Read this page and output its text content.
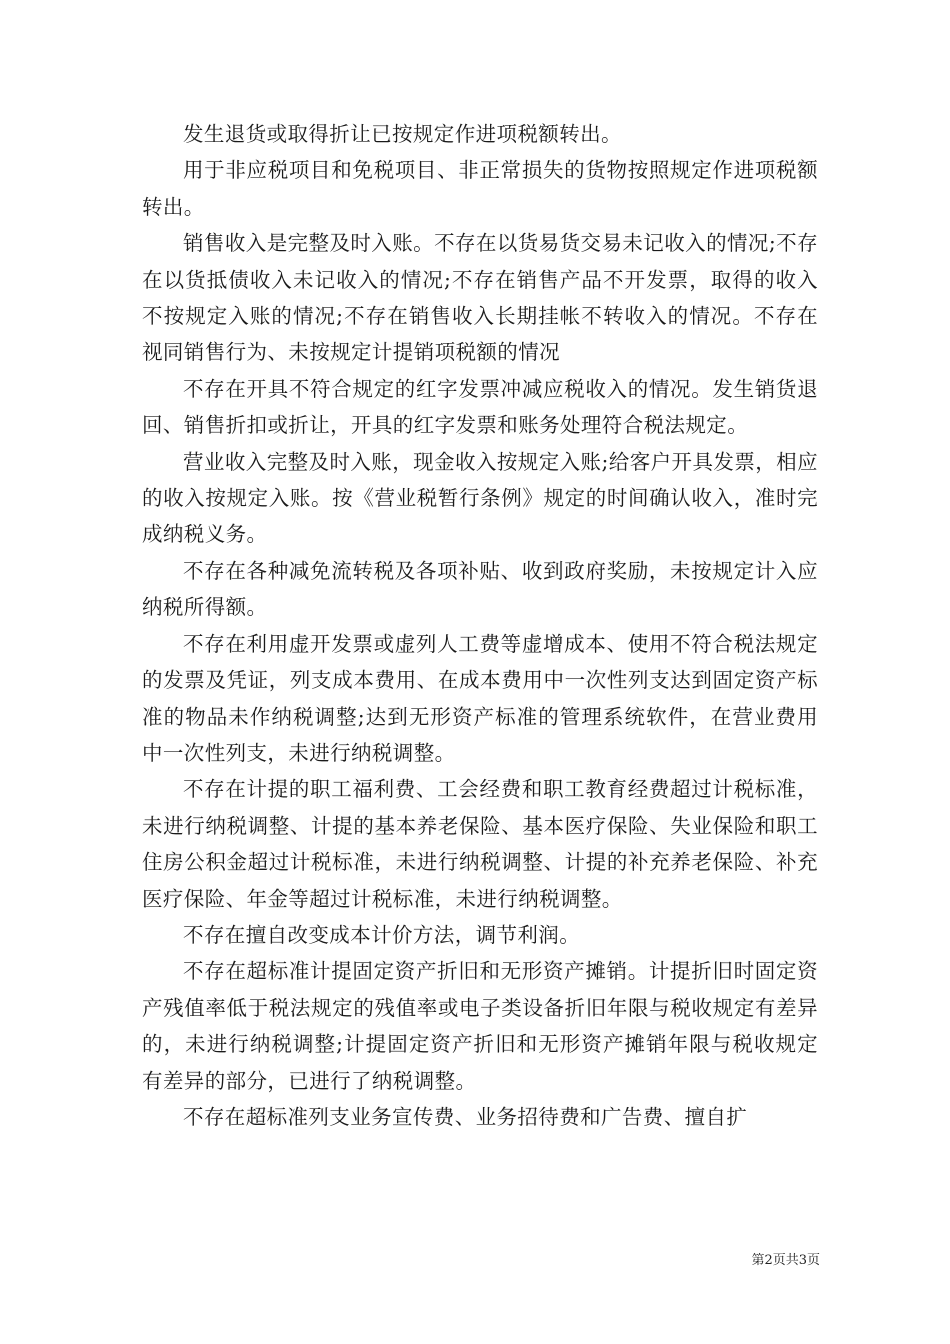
发生退货或取得折让已按规定作进项税额转出。

用于非应税项目和免税项目、非正常损失的货物按照规定作进项税额转出。

销售收入是完整及时入账。不存在以货易货交易未记收入的情况;不存在以货抵债收入未记收入的情况;不存在销售产品不开发票，取得的收入不按规定入账的情况;不存在销售收入长期挂帐不转收入的情况。不存在视同销售行为、未按规定计提销项税额的情况

不存在开具不符合规定的红字发票冲减应税收入的情况。发生销货退回、销售折扣或折让，开具的红字发票和账务处理符合税法规定。

营业收入完整及时入账，现金收入按规定入账;给客户开具发票，相应的收入按规定入账。按《营业税暂行条例》规定的时间确认收入，准时完成纳税义务。

不存在各种减免流转税及各项补贴、收到政府奖励，未按规定计入应纳税所得额。

不存在利用虚开发票或虚列人工费等虚增成本、使用不符合税法规定的发票及凭证，列支成本费用、在成本费用中一次性列支达到固定资产标准的物品未作纳税调整;达到无形资产标准的管理系统软件，在营业费用中一次性列支，未进行纳税调整。

不存在计提的职工福利费、工会经费和职工教育经费超过计税标准，未进行纳税调整、计提的基本养老保险、基本医疗保险、失业保险和职工住房公积金超过计税标准，未进行纳税调整、计提的补充养老保险、补充医疗保险、年金等超过计税标准，未进行纳税调整。

不存在擅自改变成本计价方法，调节利润。

不存在超标准计提固定资产折旧和无形资产摊销。计提折旧时固定资产残值率低于税法规定的残值率或电子类设备折旧年限与税收规定有差异的，未进行纳税调整;计提固定资产折旧和无形资产摊销年限与税收规定有差异的部分，已进行了纳税调整。

不存在超标准列支业务宣传费、业务招待费和广告费、擅自扩

第2页共3页
